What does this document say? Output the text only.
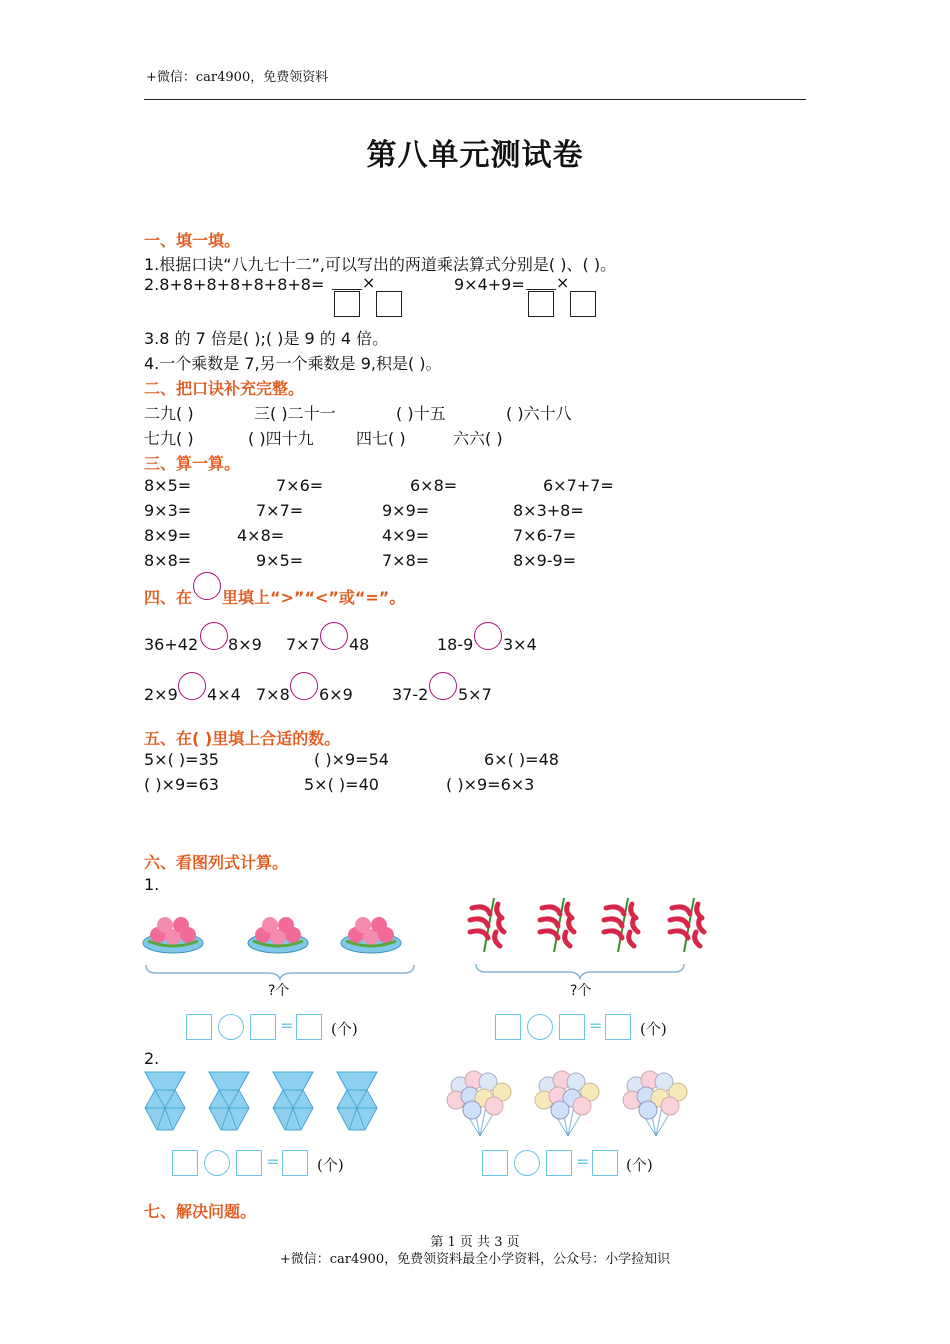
+微信：car4900，免费领资料
第八单元测试卷
一、填一填。
1.根据口诀“八九七十二”,可以写出的两道乘法算式分别是( )、( )。
2.8+8+8+8+8+8+8= ×	9×4+9= ×
3.8 的 7 倍是( );( )是 9 的 4 倍。
4.一个乘数是 7,另一个乘数是 9,积是( )。
二、把口诀补充完整。
二九( )	三( )二十一	( )十五	( )六十八
七九( )	( )四十九	四七( )	六六( )
三、算一算。
8×5=	7×6=	6×8=	6×7+7=
9×3=	7×7=	9×9=	8×3+8=
8×9=	4×8=	4×9=	7×6-7=
8×8=	9×5=	7×8=	8×9-9=
四、在 里填上“>”“<”或“=”。
36+42 8×9 7×7 48	18-9 3×4
2×9 4×4 7×8 6×9 37-2 5×7
五、在( )里填上合适的数。
5×( )=35	( )×9=54	6×( )=48
( )×9=63	5×( )=40	( )×9=6×3
六、看图列式计算。
1.
?个	?个
=	(个)	=	(个)
2.
=	(个)	= (个)
七、解决问题。
第 1 页 共 3 页
+微信：car4900，免费领资料最全小学资料，公众号：小学捡知识
